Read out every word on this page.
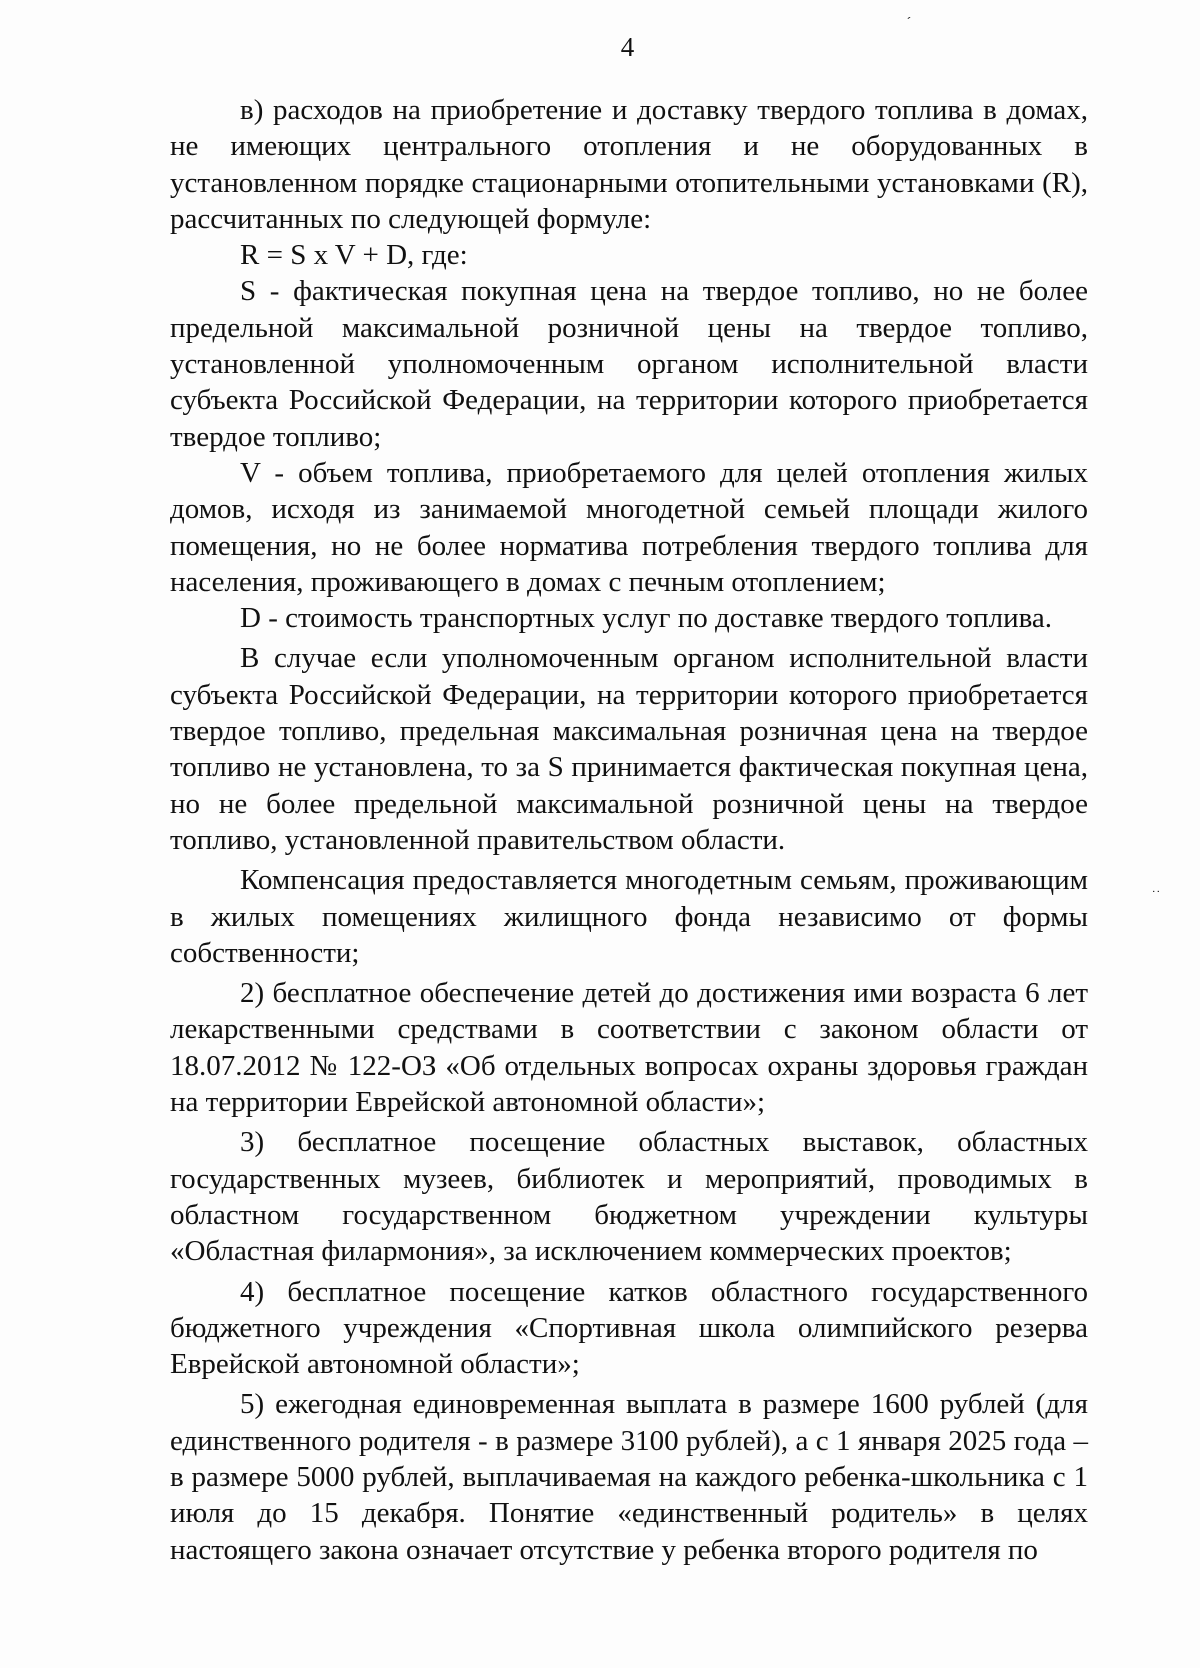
4

в) расходов на приобретение и доставку твердого топлива в домах, не имеющих центрального отопления и не оборудованных в установленном порядке стационарными отопительными установками (R), рассчитанных по следующей формуле:

R = S x V + D, где:

S - фактическая покупная цена на твердое топливо, но не более предельной максимальной розничной цены на твердое топливо, установленной уполномоченным органом исполнительной власти субъекта Российской Федерации, на территории которого приобретается твердое топливо;

V - объем топлива, приобретаемого для целей отопления жилых домов, исходя из занимаемой многодетной семьей площади жилого помещения, но не более норматива потребления твердого топлива для населения, проживающего в домах с печным отоплением;

D - стоимость транспортных услуг по доставке твердого топлива.

В случае если уполномоченным органом исполнительной власти субъекта Российской Федерации, на территории которого приобретается твердое топливо, предельная максимальная розничная цена на твердое топливо не установлена, то за S принимается фактическая покупная цена, но не более предельной максимальной розничной цены на твердое топливо, установленной правительством области.

Компенсация предоставляется многодетным семьям, проживающим в жилых помещениях жилищного фонда независимо от формы собственности;

2) бесплатное обеспечение детей до достижения ими возраста 6 лет лекарственными средствами в соответствии с законом области от 18.07.2012 № 122-ОЗ «Об отдельных вопросах охраны здоровья граждан на территории Еврейской автономной области»;

3) бесплатное посещение областных выставок, областных государственных музеев, библиотек и мероприятий, проводимых в областном государственном бюджетном учреждении культуры «Областная филармония», за исключением коммерческих проектов;

4) бесплатное посещение катков областного государственного бюджетного учреждения «Спортивная школа олимпийского резерва Еврейской автономной области»;

5) ежегодная единовременная выплата в размере 1600 рублей (для единственного родителя - в размере 3100 рублей), а с 1 января 2025 года – в размере 5000 рублей, выплачиваемая на каждого ребенка-школьника с 1 июля до 15 декабря. Понятие «единственный родитель» в целях настоящего закона означает отсутствие у ребенка второго родителя по

´
˙˙
